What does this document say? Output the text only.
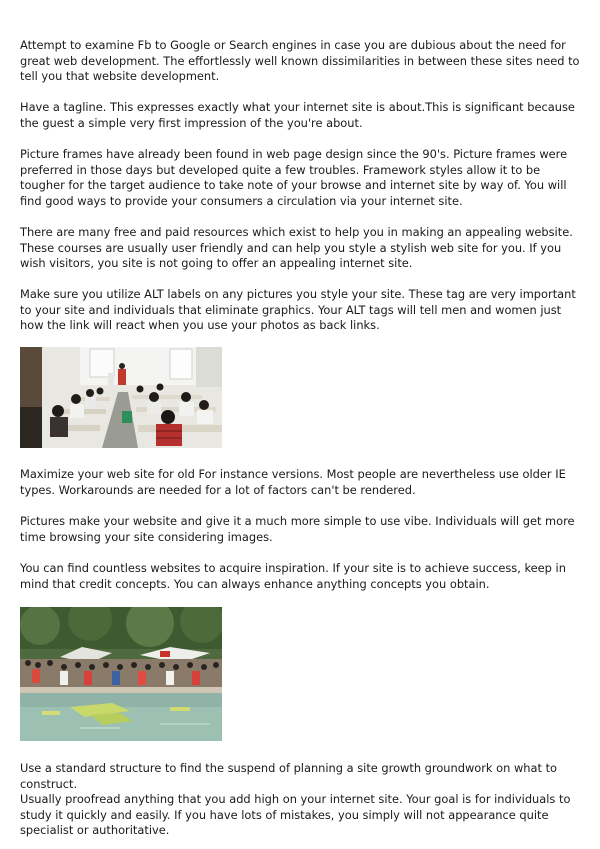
Attempt to examine Fb to Google or Search engines in case you are dubious about the need for great web development. The effortlessly well known dissimilarities in between these sites need to tell you that website development.

Have a tagline. This expresses exactly what your internet site is about.This is significant because the guest a simple very first impression of the you're about.

Picture frames have already been found in web page design since the 90's. Picture frames were preferred in those days but developed quite a few troubles. Framework styles allow it to be tougher for the target audience to take note of your browse and internet site by way of. You will find good ways to provide your consumers a circulation via your internet site.

There are many free and paid resources which exist to help you in making an appealing website. These courses are usually user friendly and can help you style a stylish web site for you. If you wish visitors, you site is not going to offer an appealing internet site.

Make sure you utilize ALT labels on any pictures you style your site. These tag are very important to your site and individuals that eliminate graphics. Your ALT tags will tell men and women just how the link will react when you use your photos as back links.

Maximize your web site for old For instance versions. Most people are nevertheless use older IE types. Workarounds are needed for a lot of factors can't be rendered.

Pictures make your website and give it a much more simple to use vibe. Individuals will get more time browsing your site considering images.

You can find countless websites to acquire inspiration. If your site is to achieve success, keep in mind that credit concepts. You can always enhance anything concepts you obtain.

Use a standard structure to find the suspend of planning a site growth groundwork on what to construct.

Usually proofread anything that you add high on your internet site. Your goal is for individuals to study it quickly and easily. If you have lots of mistakes, you simply will not appearance quite specialist or authoritative.
